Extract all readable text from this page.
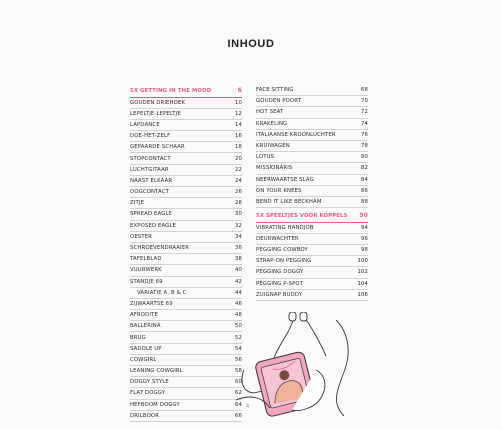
INHOUD
5X GETTING IN THE MOOD	6
GOUDEN DRIEHOEK	10
LEPELTJE-LEPELTJE	12
LAPDANCE	14
DOE-HET-ZELF	16
GEPAARDE SCHAAR	18
STOPCONTACT	20
LUCHTGITAAR	22
NAAST ELKAAR	24
OOGCONTACT	26
ZITJE	28
SPREAD EAGLE	30
EXPOSED EAGLE	32
OESTER	34
SCHROEVENDRAAIER	36
TAFELBLAD	38
VUURWERK	40
STANDJE 69	42
VARIATIE A, B & C	44
ZIJWAARTSE 69	46
AFRODITE	48
BALLERINA	50
BRUG	52
SADDLE UP	54
COWGIRL	56
LEANING COWGIRL	58
DOGGY STYLE	60
FLAT DOGGY	62
HEFBOOM DOGGY	64
DRILBOOR	66
FACE SITTING	68
GOUDEN POORT	70
HOT SEAT	72
KRAKELING	74
ITALIAANSE KROONLUCHTER	76
KRUIWAGEN	78
LOTUS	80
MISSIONARIS	82
NEERWAARTSE SLAG	84
ON YOUR KNEES	86
BEND IT LIKE BECKHAM	88
5X SPEELTJES VOOR KOPPELS 90
VIBRATING HANDJOB	94
DEURWACHTER	96
PEGGING COWBOY	98
STRAP-ON PEGGING	100
PEGGING DOGGY	102
PEGGING P-SPOT	104
ZUIGNAP BUDDY	106
4
